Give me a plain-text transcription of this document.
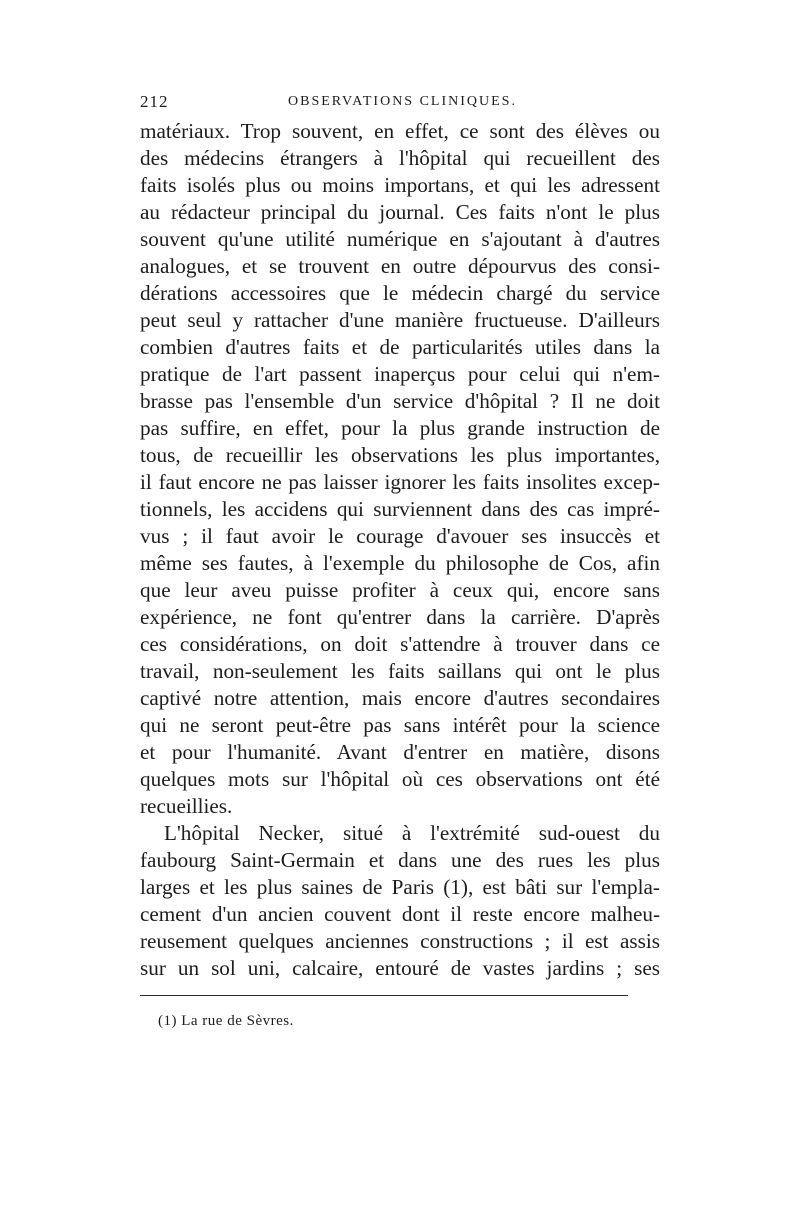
212	OBSERVATIONS CLINIQUES.
matériaux. Trop souvent, en effet, ce sont des élèves ou
des médecins étrangers à l'hôpital qui recueillent des
faits isolés plus ou moins importans, et qui les adressent
au rédacteur principal du journal. Ces faits n'ont le plus
souvent qu'une utilité numérique en s'ajoutant à d'autres
analogues, et se trouvent en outre dépourvus des consi-
dérations accessoires que le médecin chargé du service
peut seul y rattacher d'une manière fructueuse. D'ailleurs
combien d'autres faits et de particularités utiles dans la
pratique de l'art passent inaperçus pour celui qui n'em-
brasse pas l'ensemble d'un service d'hôpital ? Il ne doit
pas suffire, en effet, pour la plus grande instruction de
tous, de recueillir les observations les plus importantes,
il faut encore ne pas laisser ignorer les faits insolites excep-
tionnels, les accidens qui surviennent dans des cas impré-
vus ; il faut avoir le courage d'avouer ses insuccès et
même ses fautes, à l'exemple du philosophe de Cos, afin
que leur aveu puisse profiter à ceux qui, encore sans
expérience, ne font qu'entrer dans la carrière. D'après
ces considérations, on doit s'attendre à trouver dans ce
travail, non-seulement les faits saillans qui ont le plus
captivé notre attention, mais encore d'autres secondaires
qui ne seront peut-être pas sans intérêt pour la science
et pour l'humanité. Avant d'entrer en matière, disons
quelques mots sur l'hôpital où ces observations ont été
recueillies.
L'hôpital Necker, situé à l'extrémité sud-ouest du
faubourg Saint-Germain et dans une des rues les plus
larges et les plus saines de Paris (1), est bâti sur l'empla-
cement d'un ancien couvent dont il reste encore malheu-
reusement quelques anciennes constructions ; il est assis
sur un sol uni, calcaire, entouré de vastes jardins ; ses
(1) La rue de Sèvres.
